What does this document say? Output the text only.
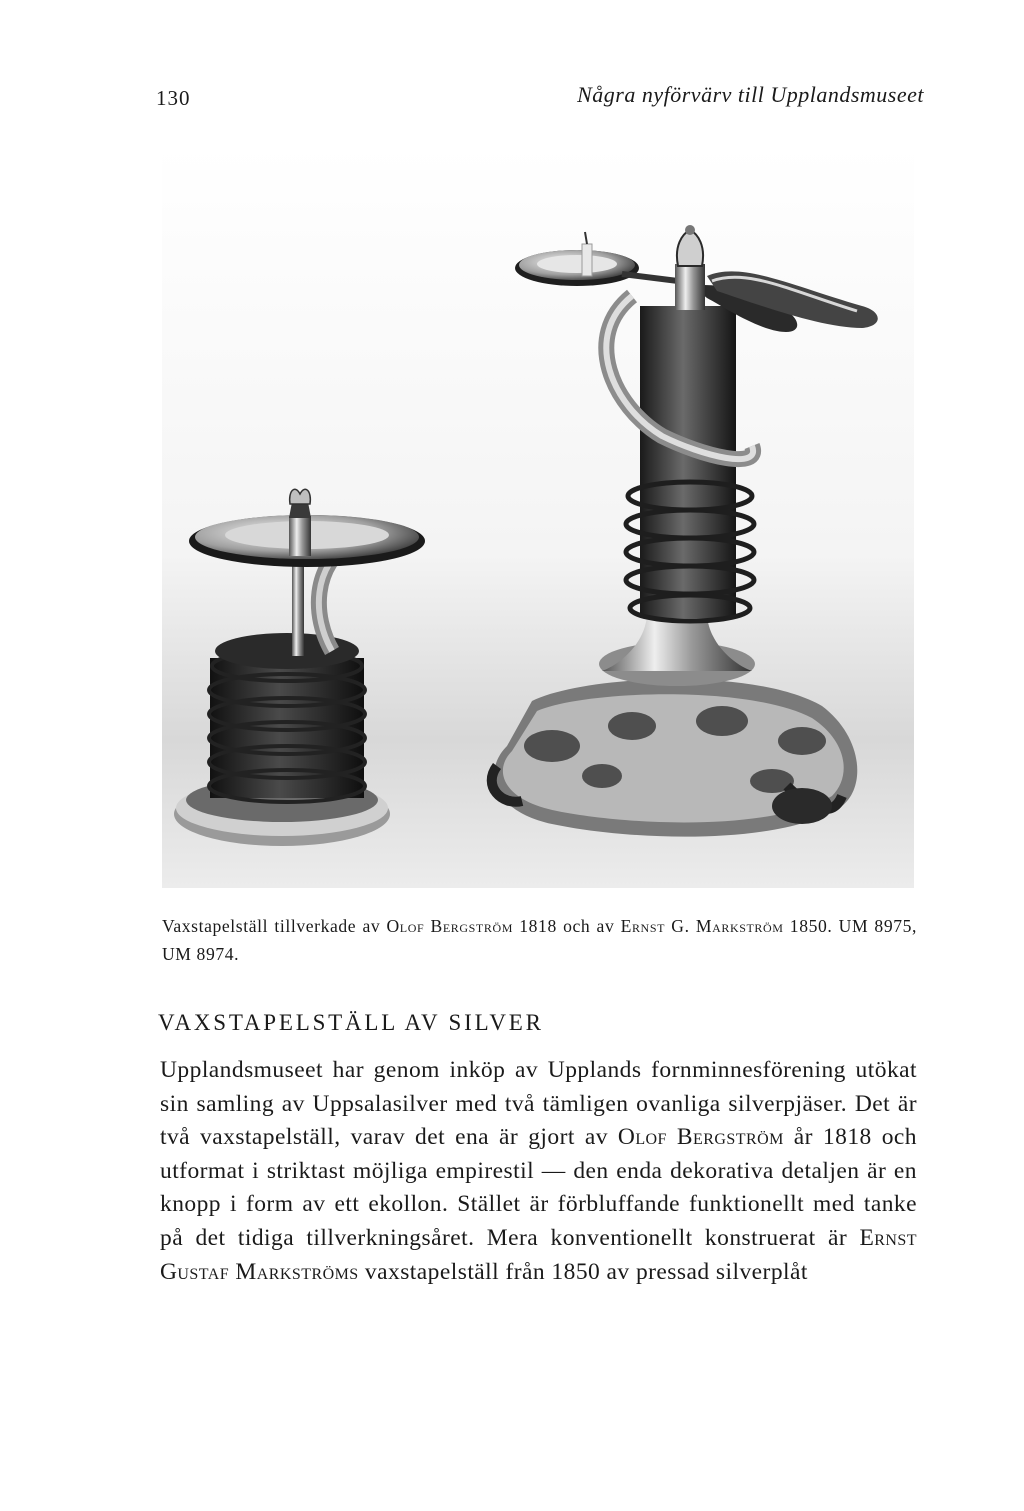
130	Några nyförvärv till Upplandsmuseet
Vaxstapelställ tillverkade av Olof Bergström 1818 och av Ernst G. Markström 1850. UM 8975, UM 8974.
VAXSTAPELSTÄLL AV SILVER

Upplandsmuseet har genom inköp av Upplands fornminnesförening utökat sin samling av Uppsalasilver med två tämligen ovanliga silverpjäser. Det är två vaxstapelställ, varav det ena är gjort av Olof Bergström år 1818 och utformat i striktast möjliga empirestil — den enda dekorativa detaljen är en knopp i form av ett ekollon. Stället är förbluffande funktionellt med tanke på det tidiga tillverkningsåret. Mera konventionellt konstruerat är Ernst Gustaf Markströms vaxstapelställ från 1850 av pressad silverplåt
